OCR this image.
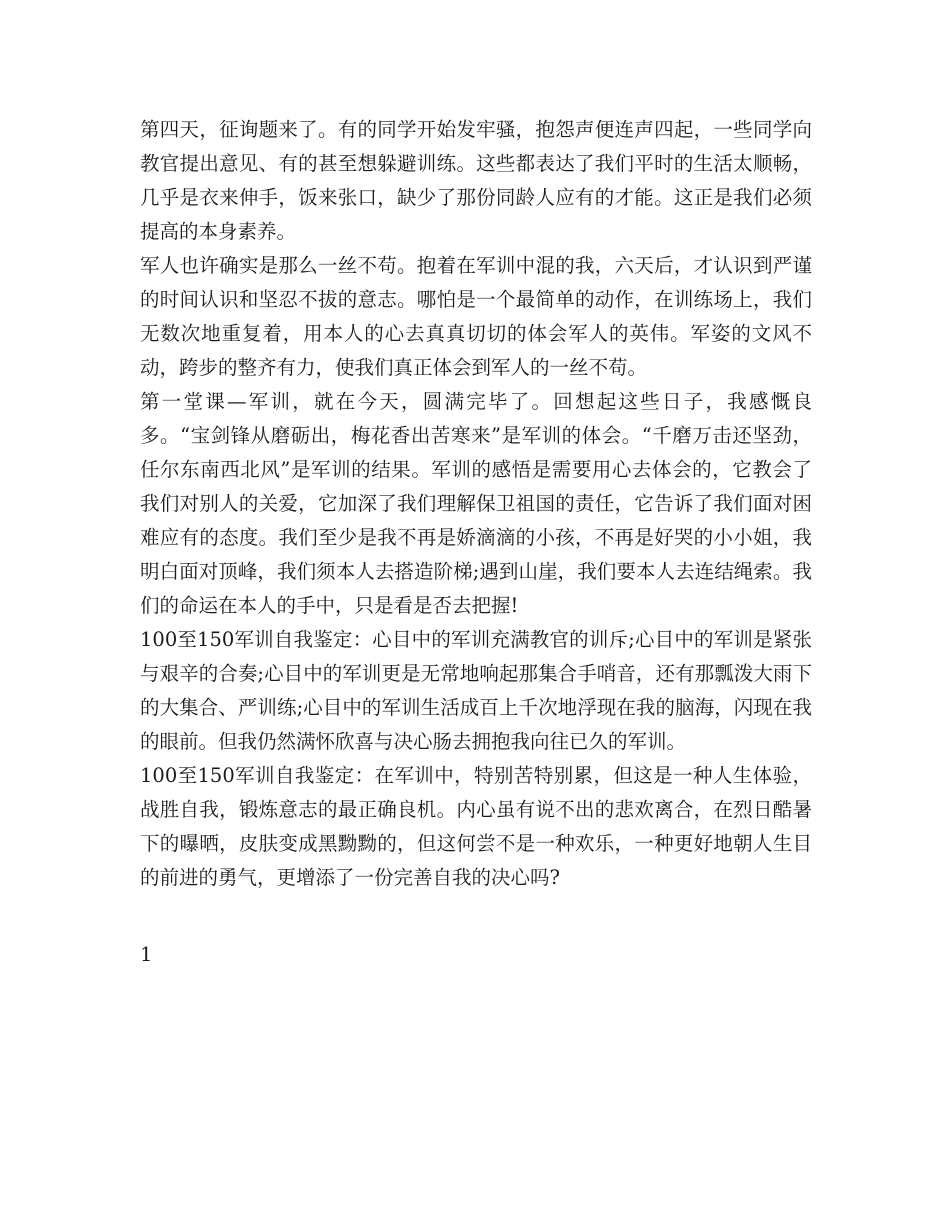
第四天，征询题来了。有的同学开始发牢骚，抱怨声便连声四起，一些同学向教官提出意见、有的甚至想躲避训练。这些都表达了我们平时的生活太顺畅，几乎是衣来伸手，饭来张口，缺少了那份同龄人应有的才能。这正是我们必须提高的本身素养。

军人也许确实是那么一丝不苟。抱着在军训中混的我，六天后，才认识到严谨的时间认识和坚忍不拔的意志。哪怕是一个最简单的动作，在训练场上，我们无数次地重复着，用本人的心去真真切切的体会军人的英伟。军姿的文风不动，跨步的整齐有力，使我们真正体会到军人的一丝不苟。

第一堂课—军训，就在今天，圆满完毕了。回想起这些日子，我感慨良多。“宝剑锋从磨砺出，梅花香出苦寒来”是军训的体会。“千磨万击还坚劲，任尔东南西北风”是军训的结果。军训的感悟是需要用心去体会的，它教会了我们对别人的关爱，它加深了我们理解保卫祖国的责任，它告诉了我们面对困难应有的态度。我们至少是我不再是娇滴滴的小孩，不再是好哭的小小姐，我明白面对顶峰，我们须本人去搭造阶梯;遇到山崖，我们要本人去连结绳索。我们的命运在本人的手中，只是看是否去把握!

100至150军训自我鉴定：心目中的军训充满教官的训斥;心目中的军训是紧张与艰辛的合奏;心目中的军训更是无常地响起那集合手哨音，还有那瓢泼大雨下的大集合、严训练;心目中的军训生活成百上千次地浮现在我的脑海，闪现在我的眼前。但我仍然满怀欣喜与决心肠去拥抱我向往已久的军训。

100至150军训自我鉴定：在军训中，特别苦特别累，但这是一种人生体验，战胜自我，锻炼意志的最正确良机。内心虽有说不出的悲欢离合，在烈日酷暑下的曝晒，皮肤变成黑黝黝的，但这何尝不是一种欢乐，一种更好地朝人生目的前进的勇气，更增添了一份完善自我的决心吗?

1
